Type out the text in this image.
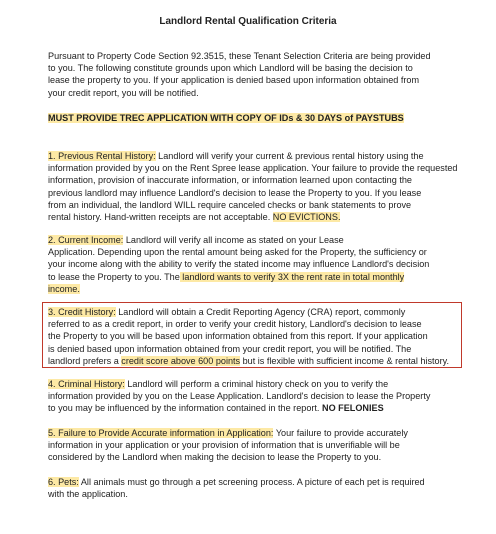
Landlord Rental Qualification Criteria
Pursuant to Property Code Section 92.3515, these Tenant Selection Criteria are being provided
to you. The following constitute grounds upon which Landlord will be basing the decision to
lease the property to you. If your application is denied based upon information obtained from
your credit report, you will be notified.
MUST PROVIDE TREC APPLICATION WITH COPY OF IDs & 30 DAYS of PAYSTUBS
1. Previous Rental History: Landlord will verify your current & previous rental history using the
information provided by you on the Rent Spree lease application. Your failure to provide the requested
information, provision of inaccurate information, or information learned upon contacting the
previous landlord may influence Landlord's decision to lease the Property to you. If you lease
from an individual, the landlord WILL require canceled checks or bank statements to prove
rental history. Hand-written receipts are not acceptable. NO EVICTIONS.
2. Current Income: Landlord will verify all income as stated on your Lease
Application. Depending upon the rental amount being asked for the Property, the sufficiency or
your income along with the ability to verify the stated income may influence Landlord's decision
to lease the Property to you. The landlord wants to verify 3X the rent rate in total monthly
income.
3. Credit History: Landlord will obtain a Credit Reporting Agency (CRA) report, commonly
referred to as a credit report, in order to verify your credit history, Landlord's decision to lease
the Property to you will be based upon information obtained from this report. If your application
is denied based upon information obtained from your credit report, you will be notified. The
landlord prefers a credit score above 600 points but is flexible with sufficient income & rental history.
4. Criminal History: Landlord will perform a criminal history check on you to verify the
information provided by you on the Lease Application. Landlord's decision to lease the Property
to you may be influenced by the information contained in the report. NO FELONIES
5. Failure to Provide Accurate information in Application: Your failure to provide accurately
information in your application or your provision of information that is unverifiable will be
considered by the Landlord when making the decision to lease the Property to you.
6. Pets: All animals must go through a pet screening process. A picture of each pet is required
with the application.
